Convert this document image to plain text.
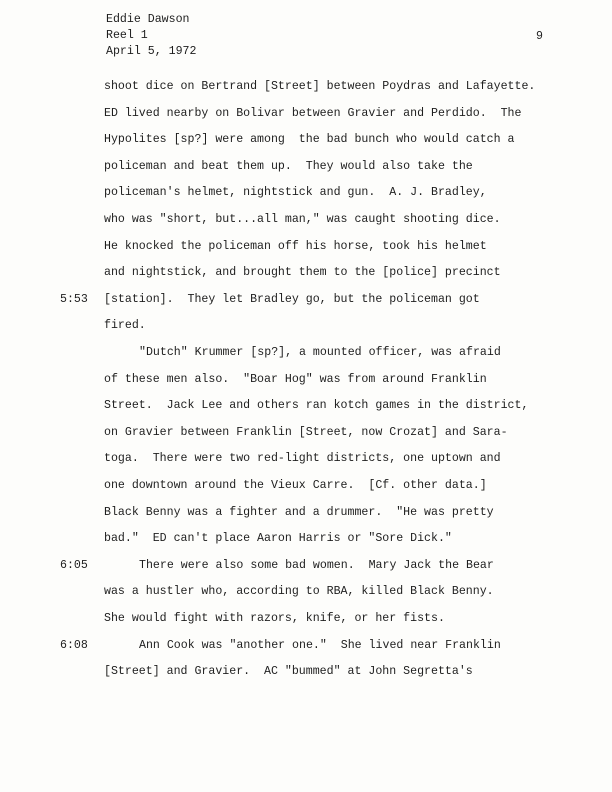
Eddie Dawson
Reel 1
April 5, 1972
9
shoot dice on Bertrand [Street] between Poydras and Lafayette.
ED lived nearby on Bolivar between Gravier and Perdido.  The
Hypolites [sp?] were among  the bad bunch who would catch a
policeman and beat them up.  They would also take the
policeman's helmet, nightstick and gun.  A. J. Bradley,
who was "short, but...all man," was caught shooting dice.
He knocked the policeman off his horse, took his helmet
and nightstick, and brought them to the [police] precinct
[station].  They let Bradley go, but the policeman got
5:53
fired.
"Dutch" Krummer [sp?], a mounted officer, was afraid
of these men also.  "Boar Hog" was from around Franklin
Street.  Jack Lee and others ran kotch games in the district,
on Gravier between Franklin [Street, now Crozat] and Sara-
toga.  There were two red-light districts, one uptown and
one downtown around the Vieux Carre.  [Cf. other data.]
Black Benny was a fighter and a drummer.  "He was pretty
bad."  ED can't place Aaron Harris or "Sore Dick."
There were also some bad women.  Mary Jack the Bear
6:05
was a hustler who, according to RBA, killed Black Benny.
She would fight with razors, knife, or her fists.
Ann Cook was "another one."  She lived near Franklin
6:08
[Street] and Gravier.  AC "bummed" at John Segretta's
